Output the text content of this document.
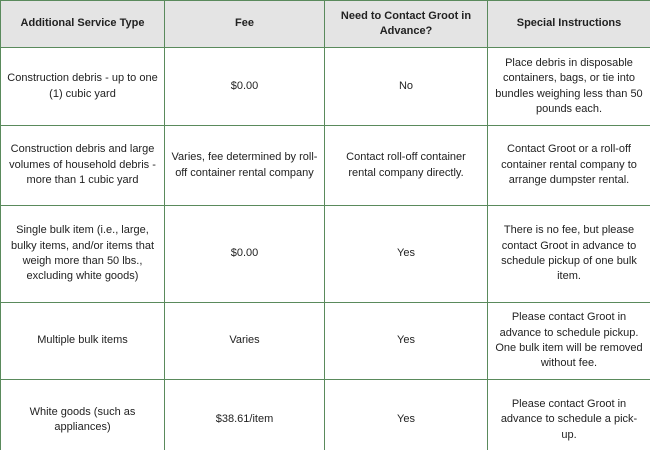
Additional Service Type	Fee	Need to Contact Groot in Advance?	Special Instructions
Construction debris - up to one (1) cubic yard	$0.00	No	Place debris in disposable containers, bags, or tie into bundles weighing less than 50 pounds each.
Construction debris and large volumes of household debris - more than 1 cubic yard	Varies, fee determined by roll-off container rental company	Contact roll-off container rental company directly.	Contact Groot or a roll-off container rental company to arrange dumpster rental.
Single bulk item (i.e., large, bulky items, and/or items that weigh more than 50 lbs., excluding white goods)	$0.00	Yes	There is no fee, but please contact Groot in advance to schedule pickup of one bulk item.
Multiple bulk items	Varies	Yes	Please contact Groot in advance to schedule pickup. One bulk item will be removed without fee.
White goods (such as appliances)	$38.61/item	Yes	Please contact Groot in advance to schedule a pick-up.
